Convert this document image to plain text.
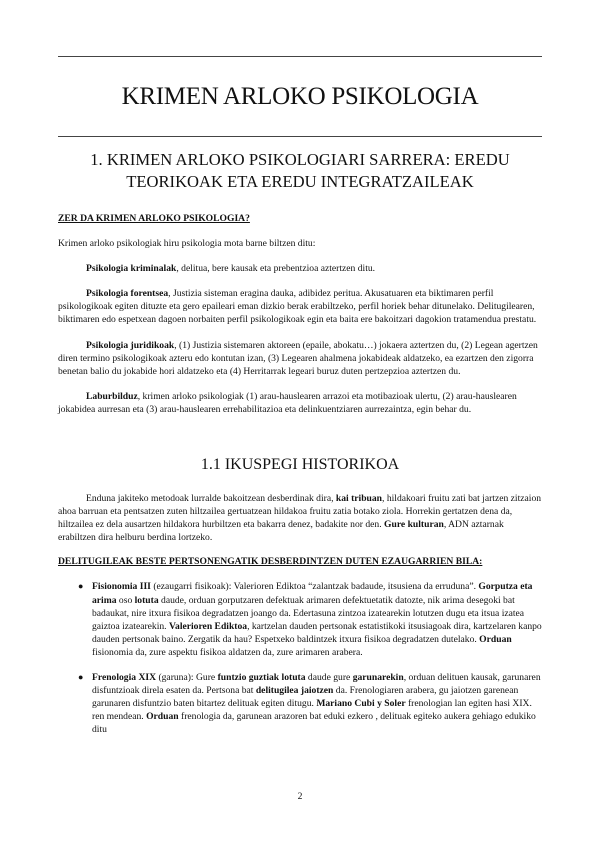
KRIMEN ARLOKO PSIKOLOGIA
1. KRIMEN ARLOKO PSIKOLOGIARI SARRERA: EREDU TEORIKOAK ETA EREDU INTEGRATZAILEAK

ZER DA KRIMEN ARLOKO PSIKOLOGIA?

Krimen arloko psikologiak hiru psikologia mota barne biltzen ditu:

Psikologia kriminalak, delitua, bere kausak eta prebentzioa aztertzen ditu.

Psikologia forentsea, Justizia sisteman eragina dauka, adibidez peritua. Akusatuaren eta biktimaren perfil psikologikoak egiten dituzte eta gero epaileari eman dizkio berak erabiltzeko, perfil horiek behar ditunelako. Delitugilearen, biktimaren edo espetxean dagoen norbaiten perfil psikologikoak egin eta baita ere bakoitzari dagokion tratamendua prestatu.

Psikologia juridikoak, (1) Justizia sistemaren aktoreen (epaile, abokatu…) jokaera aztertzen du, (2) Legean agertzen diren termino psikologikoak azteru edo kontutan izan, (3) Legearen ahalmena jokabideak aldatzeko, ea ezartzen den zigorra benetan balio du jokabide hori aldatzeko eta (4) Herritarrak legeari buruz duten pertzepzioa aztertzen du.

Laburbilduz, krimen arloko psikologiak (1) arau-hauslearen arrazoi eta motibazioak ulertu, (2) arau-hauslearen jokabidea aurresan eta (3) arau-hauslearen errehabilitazioa eta delinkuentziaren aurrezaintza, egin behar du.

1.1 IKUSPEGI HISTORIKOA

Enduna jakiteko metodoak lurralde bakoitzean desberdinak dira, kai tribuan, hildakoari fruitu zati bat jartzen zitzaion ahoa barruan eta pentsatzen zuten hiltzailea gertuatzean hildakoa fruitu zatia botako ziola. Horrekin gertatzen dena da, hiltzailea ez dela ausartzen hildakora hurbiltzen eta bakarra denez, badakite nor den. Gure kulturan, ADN aztarnak erabiltzen dira helburu berdina lortzeko.

DELITUGILEAK BESTE PERTSONENGATIK DESBERDINTZEN DUTEN EZAUGARRIEN BILA:

● Fisionomia III (ezaugarri fisikoak): Valerioren Ediktoa “zalantzak badaude, itsusiena da erruduna”. Gorputza eta arima oso lotuta daude, orduan gorputzaren defektuak arimaren defektuetatik datozte, nik arima desegoki bat badaukat, nire itxura fisikoa degradatzen joango da. Edertasuna zintzoa izatearekin lotutzen dugu eta itsua izatea gaiztoa izatearekin. Valerioren Ediktoa, kartzelan dauden pertsonak estatistikoki itsusiagoak dira, kartzelaren kanpo dauden pertsonak baino. Zergatik da hau? Espetxeko baldintzek itxura fisikoa degradatzen dutelako. Orduan fisionomia da, zure aspektu fisikoa aldatzen da, zure arimaren arabera.
● Frenologia XIX (garuna): Gure funtzio guztiak lotuta daude gure garunarekin, orduan delituen kausak, garunaren disfuntzioak direla esaten da. Pertsona bat delitugilea jaiotzen da. Frenologiaren arabera, gu jaiotzen garenean garunaren disfuntzio baten bitartez delituak egiten ditugu. Mariano Cubi y Soler frenologian lan egiten hasi XIX. ren mendean. Orduan frenologia da, garunean arazoren bat eduki ezkero , delituak egiteko aukera gehiago edukiko ditu
2
